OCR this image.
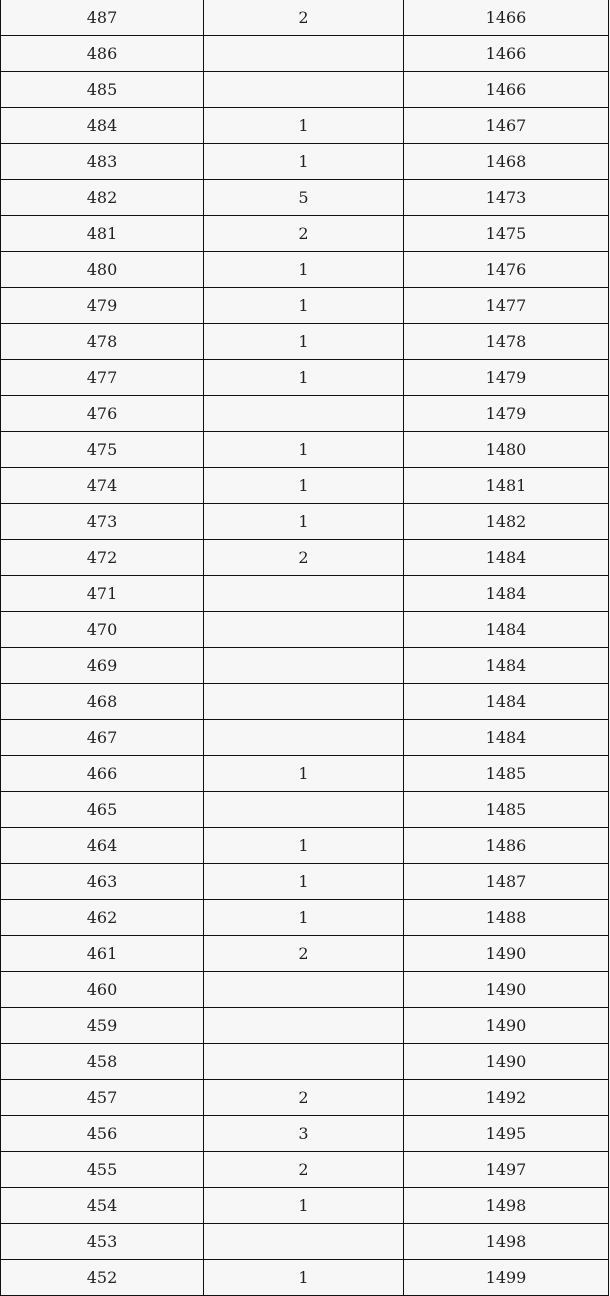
487	2	1466
486		1466
485		1466
484	1	1467
483	1	1468
482	5	1473
481	2	1475
480	1	1476
479	1	1477
478	1	1478
477	1	1479
476		1479
475	1	1480
474	1	1481
473	1	1482
472	2	1484
471		1484
470		1484
469		1484
468		1484
467		1484
466	1	1485
465		1485
464	1	1486
463	1	1487
462	1	1488
461	2	1490
460		1490
459		1490
458		1490
457	2	1492
456	3	1495
455	2	1497
454	1	1498
453		1498
452	1	1499
